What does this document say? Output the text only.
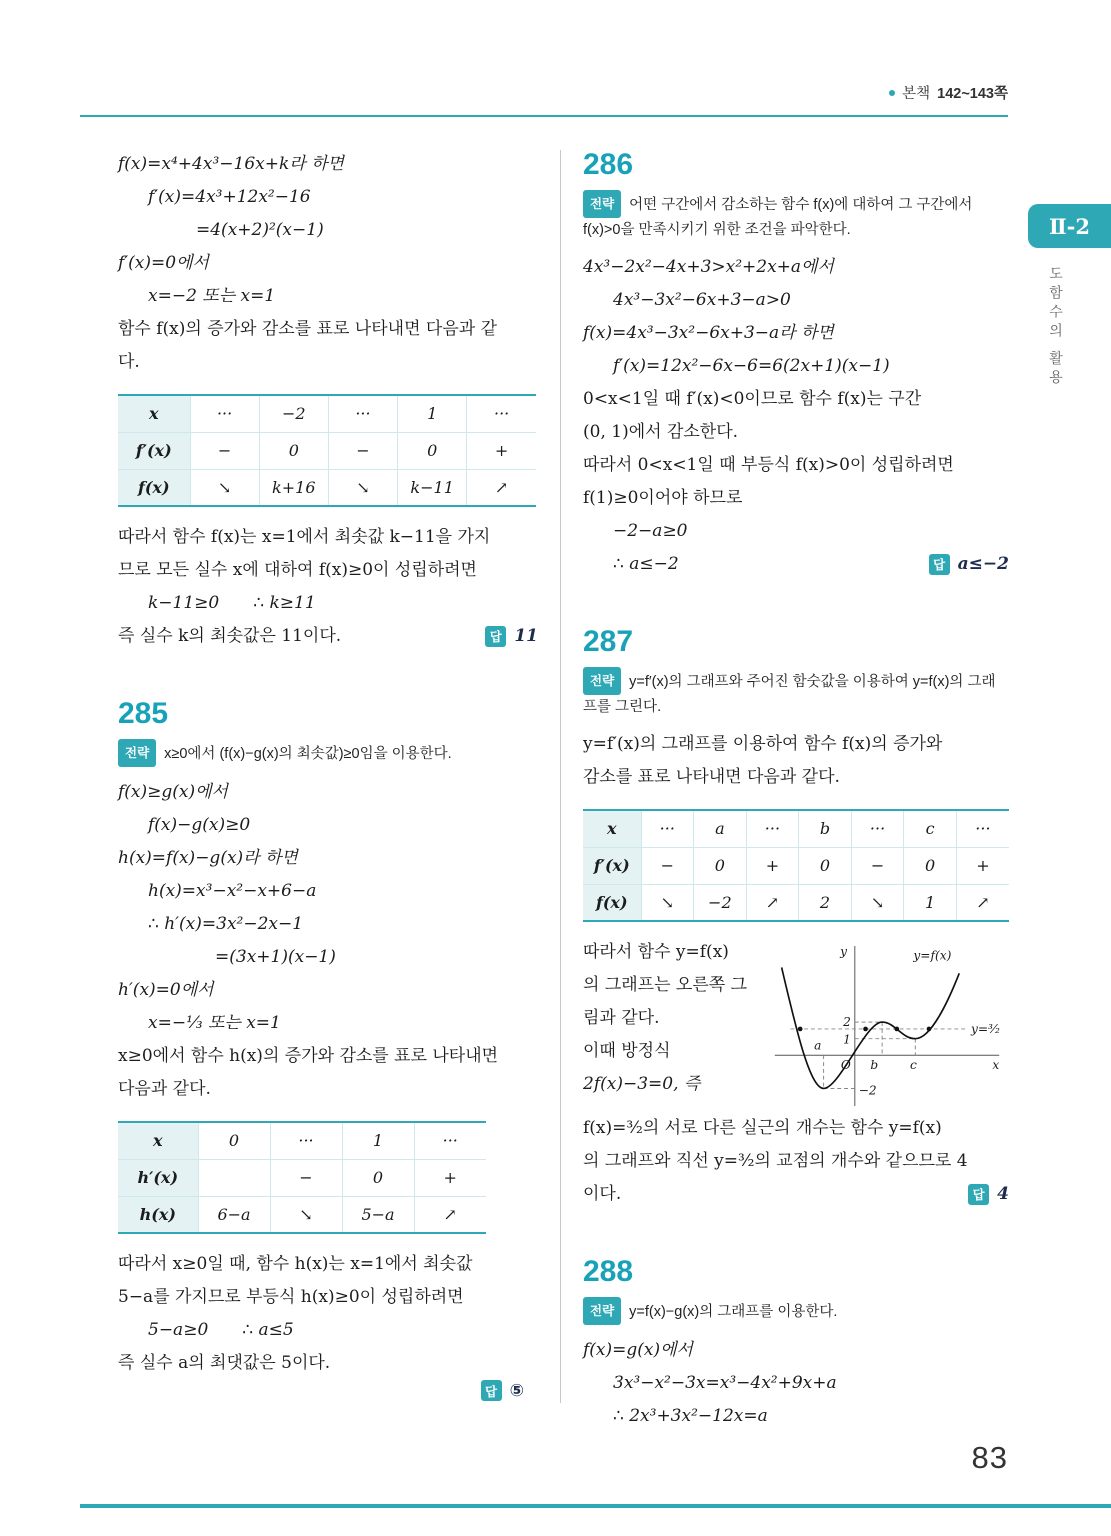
본책 142~143쪽
Ⅱ-2
도함수의 활용
f(x)=x⁴+4x³−16x+k라 하면
f′(x)=4x³+12x²−16
=4(x+2)²(x−1)
f′(x)=0에서
x=−2 또는 x=1
함수 f(x)의 증가와 감소를 표로 나타내면 다음과 같
다.
x	···	−2	···	1	···
f′(x)	−	0	−	0	+
f(x)	↘	k+16	↘	k−11	↗
따라서 함수 f(x)는 x=1에서 최솟값 k−11을 가지
므로 모든 실수 x에 대하여 f(x)≥0이 성립하려면
k−11≥0  ∴ k≥11
즉 실수 k의 최솟값은 11이다.	답 11
285

전략 x≥0에서 (f(x)−g(x)의 최솟값)≥0임을 이용한다.

f(x)≥g(x)에서
f(x)−g(x)≥0
h(x)=f(x)−g(x)라 하면
h(x)=x³−x²−x+6−a
∴ h′(x)=3x²−2x−1
=(3x+1)(x−1)
h′(x)=0에서
x=−⅓ 또는 x=1
x≥0에서 함수 h(x)의 증가와 감소를 표로 나타내면
다음과 같다.
x	0	···	1	···
h′(x)		−	0	+
h(x)	6−a	↘	5−a	↗
따라서 x≥0일 때, 함수 h(x)는 x=1에서 최솟값
5−a를 가지므로 부등식 h(x)≥0이 성립하려면
5−a≥0  ∴ a≤5
즉 실수 a의 최댓값은 5이다.
답 ⑤
286

전략 어떤 구간에서 감소하는 함수 f(x)에 대하여 그 구간에서 f(x)>0을 만족시키기 위한 조건을 파악한다.

4x³−2x²−4x+3>x²+2x+a에서
4x³−3x²−6x+3−a>0
f(x)=4x³−3x²−6x+3−a라 하면
f′(x)=12x²−6x−6=6(2x+1)(x−1)
0<x<1일 때 f′(x)<0이므로 함수 f(x)는 구간
(0, 1)에서 감소한다.
따라서 0<x<1일 때 부등식 f(x)>0이 성립하려면
f(1)≥0이어야 하므로
−2−a≥0
∴ a≤−2	답 a≤−2
287

전략 y=f′(x)의 그래프와 주어진 함숫값을 이용하여 y=f(x)의 그래프를 그린다.

y=f′(x)의 그래프를 이용하여 함수 f(x)의 증가와
감소를 표로 나타내면 다음과 같다.
x	···	a	···	b	···	c	···
f′(x)	−	0	+	0	−	0	+
f(x)	↘	−2	↗	2	↘	1	↗
따라서 함수 y=f(x)
의 그래프는 오른쪽 그
림과 같다.
이때 방정식
2f(x)−3=0, 즉
y
x
O
a
b	c
2
1
−2
y=f(x)
y=³⁄₂
f(x)=³⁄₂의 서로 다른 실근의 개수는 함수 y=f(x)
의 그래프와 직선 y=³⁄₂의 교점의 개수와 같으므로 4
이다.	답 4
288

전략 y=f(x)−g(x)의 그래프를 이용한다.

f(x)=g(x)에서
3x³−x²−3x=x³−4x²+9x+a
∴ 2x³+3x²−12x=a
83
